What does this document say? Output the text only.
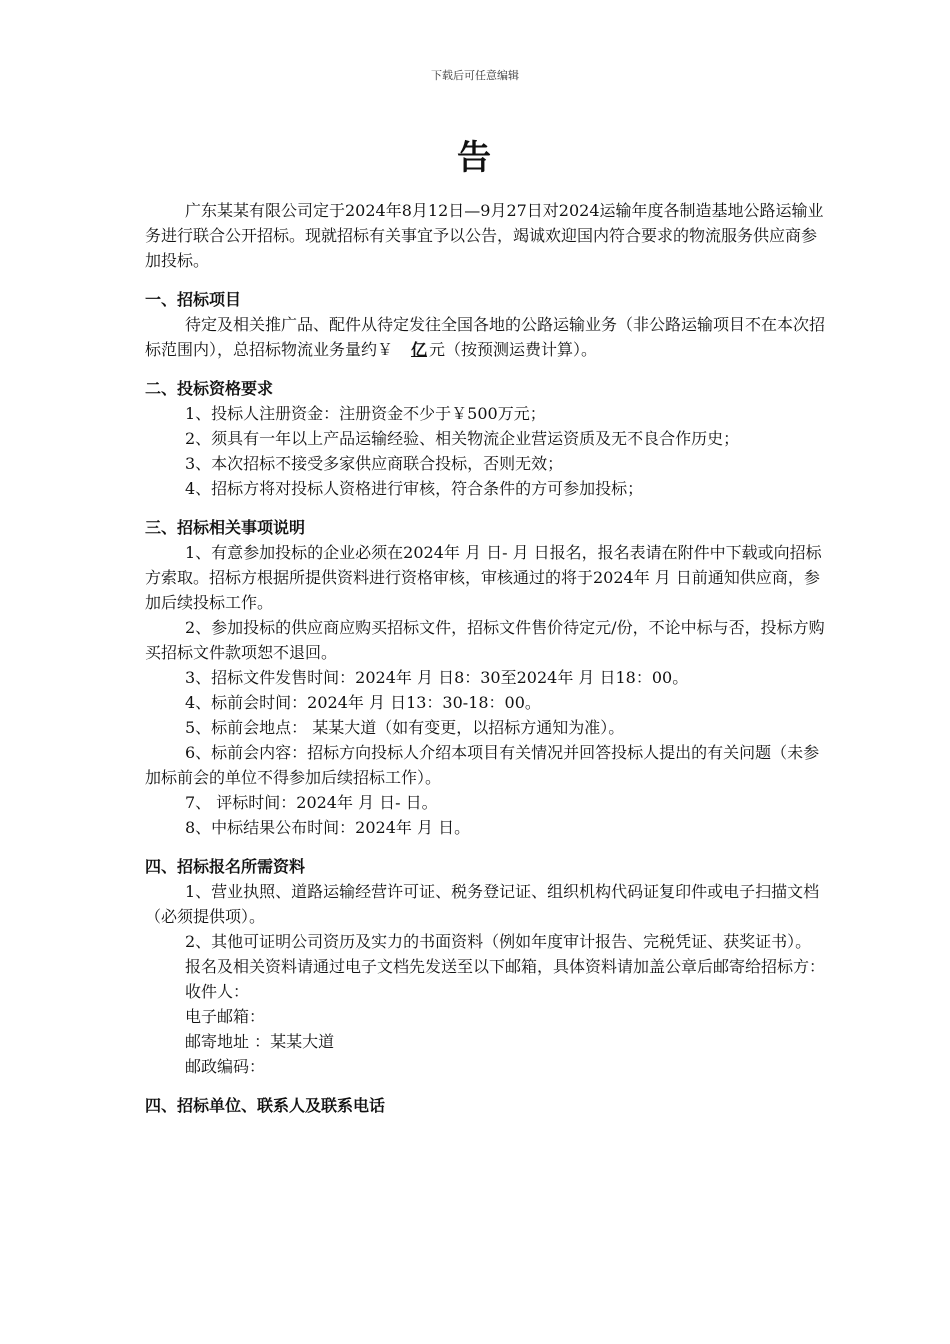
下载后可任意编辑
告

广东某某有限公司定于2024年8月12日—9月27日对2024运输年度各制造基地公路运输业务进行联合公开招标。现就招标有关事宜予以公告，竭诚欢迎国内符合要求的物流服务供应商参加投标。

一、招标项目

待定及相关推广品、配件从待定发往全国各地的公路运输业务（非公路运输项目不在本次招标范围内），总招标物流业务量约￥ 亿 元（按预测运费计算）。

二、投标资格要求

1、投标人注册资金：注册资金不少于￥500万元；

2、须具有一年以上产品运输经验、相关物流企业营运资质及无不良合作历史；

3、本次招标不接受多家供应商联合投标，否则无效；

4、招标方将对投标人资格进行审核，符合条件的方可参加投标；

三、招标相关事项说明

1、有意参加投标的企业必须在2024年 月 日- 月 日报名，报名表请在附件中下载或向招标方索取。招标方根据所提供资料进行资格审核，审核通过的将于2024年 月 日前通知供应商，参加后续投标工作。

2、参加投标的供应商应购买招标文件，招标文件售价待定元/份，不论中标与否，投标方购买招标文件款项恕不退回。

3、招标文件发售时间：2024年 月 日8：30至2024年 月 日18：00。

4、标前会时间：2024年 月 日13：30-18：00。

5、标前会地点： 某某大道（如有变更，以招标方通知为准）。

6、标前会内容：招标方向投标人介绍本项目有关情况并回答投标人提出的有关问题（未参加标前会的单位不得参加后续招标工作）。

7、 评标时间：2024年 月 日- 日。

8、中标结果公布时间：2024年 月 日。

四、招标报名所需资料

1、营业执照、道路运输经营许可证、税务登记证、组织机构代码证复印件或电子扫描文档（必须提供项）。

2、其他可证明公司资历及实力的书面资料（例如年度审计报告、完税凭证、获奖证书）。

报名及相关资料请通过电子文档先发送至以下邮箱，具体资料请加盖公章后邮寄给招标方：

收件人：

电子邮箱：

邮寄地址 ：某某大道

邮政编码：

四、招标单位、联系人及联系电话
